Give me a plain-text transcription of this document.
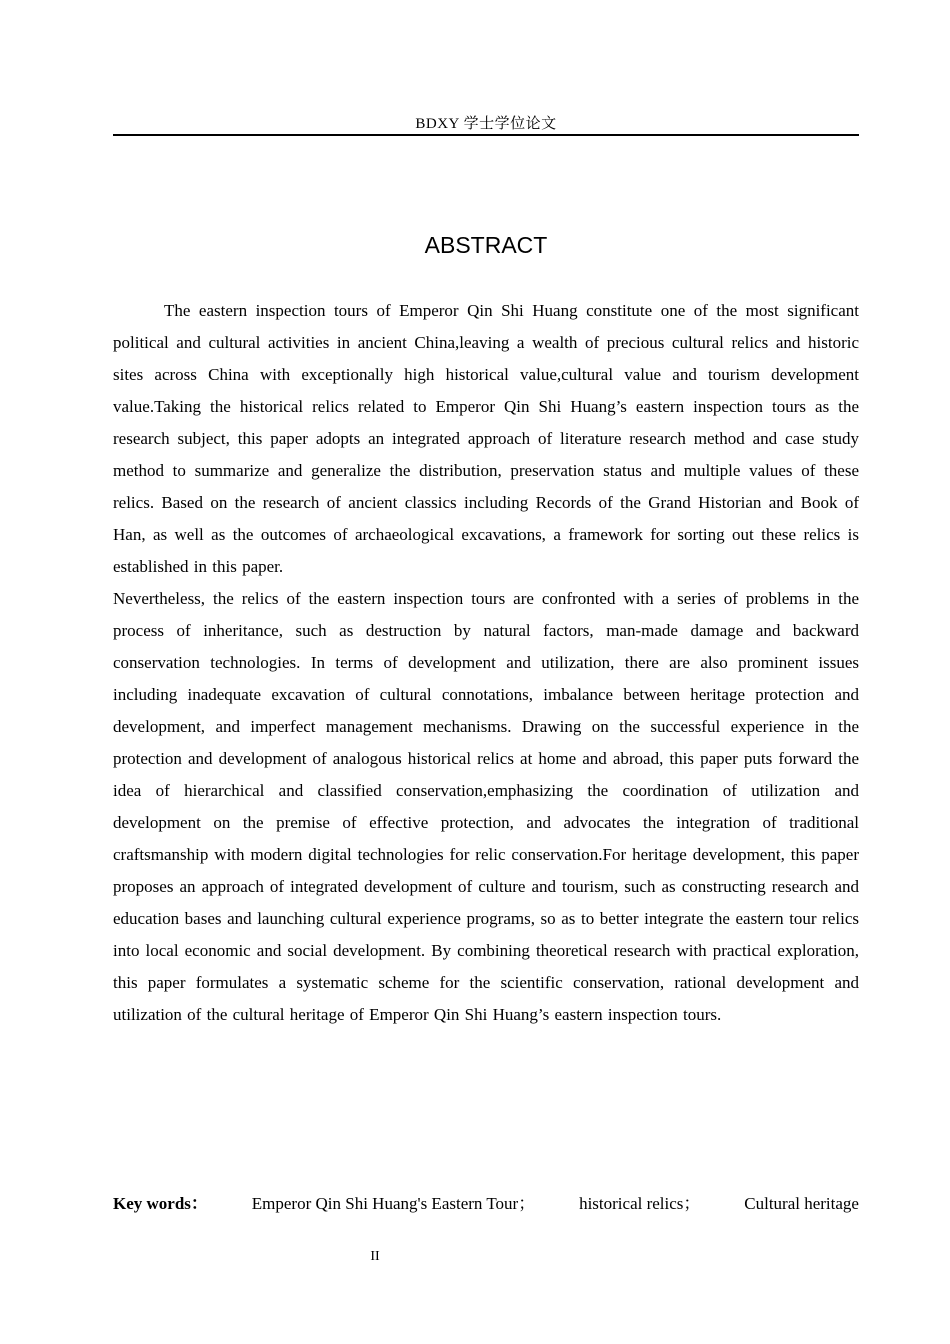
BDXY 学士学位论文
ABSTRACT

The eastern inspection tours of Emperor Qin Shi Huang constitute one of the most significant political and cultural activities in ancient China,leaving a wealth of precious cultural relics and historic sites across China with exceptionally high historical value,cultural value and tourism development value.Taking the historical relics related to Emperor Qin Shi Huang’s eastern inspection tours as the research subject, this paper adopts an integrated approach of literature research method and case study method to summarize and generalize the distribution, preservation status and multiple values of these relics. Based on the research of ancient classics including Records of the Grand Historian and Book of Han, as well as the outcomes of archaeological excavations, a framework for sorting out these relics is established in this paper.

Nevertheless, the relics of the eastern inspection tours are confronted with a series of problems in the process of inheritance, such as destruction by natural factors, man-made damage and backward conservation technologies. In terms of development and utilization, there are also prominent issues including inadequate excavation of cultural connotations, imbalance between heritage protection and development, and imperfect management mechanisms. Drawing on the successful experience in the protection and development of analogous historical relics at home and abroad, this paper puts forward the idea of hierarchical and classified conservation,emphasizing the coordination of utilization and development on the premise of effective protection, and advocates the integration of traditional craftsmanship with modern digital technologies for relic conservation.For heritage development, this paper proposes an approach of integrated development of culture and tourism, such as constructing research and education bases and launching cultural experience programs, so as to better integrate the eastern tour relics into local economic and social development. By combining theoretical research with practical exploration, this paper formulates a systematic scheme for the scientific conservation, rational development and utilization of the cultural heritage of Emperor Qin Shi Huang’s eastern inspection tours.

Key words：	Emperor Qin Shi Huang's Eastern Tour；	historical relics；	Cultural heritage
II
